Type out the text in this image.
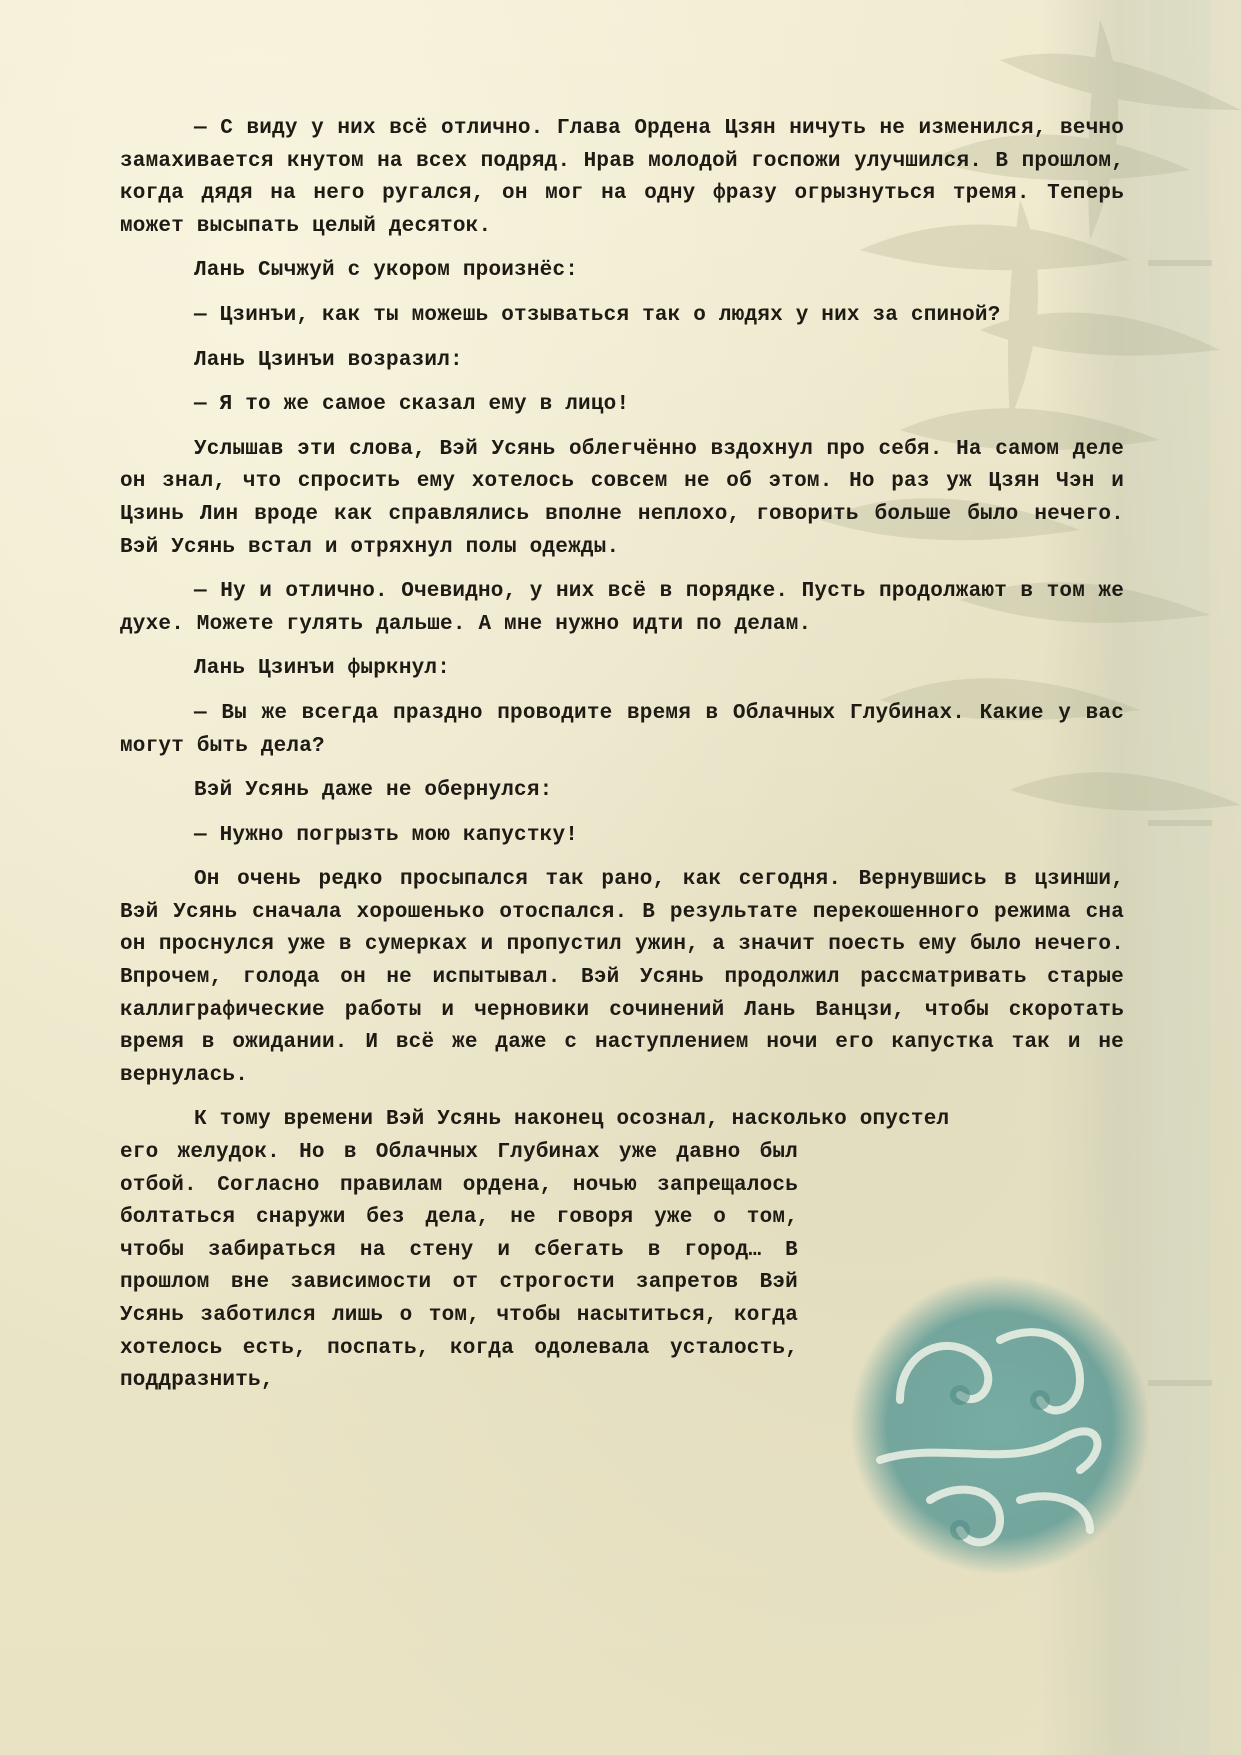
— С виду у них всё отлично. Глава Ордена Цзян ничуть не изменился, вечно замахивается кнутом на всех подряд. Нрав молодой госпожи улучшился. В прошлом, когда дядя на него ругался, он мог на одну фразу огрызнуться тремя. Теперь может высыпать целый десяток.

Лань Сычжуй с укором произнёс:

— Цзинъи, как ты можешь отзываться так о людях у них за спиной?

Лань Цзинъи возразил:

— Я то же самое сказал ему в лицо!

Услышав эти слова, Вэй Усянь облегчённо вздохнул про себя. На самом деле он знал, что спросить ему хотелось совсем не об этом. Но раз уж Цзян Чэн и Цзинь Лин вроде как справлялись вполне неплохо, говорить больше было нечего. Вэй Усянь встал и отряхнул полы одежды.

— Ну и отлично. Очевидно, у них всё в порядке. Пусть продолжают в том же духе. Можете гулять дальше. А мне нужно идти по делам.

Лань Цзинъи фыркнул:

— Вы же всегда праздно проводите время в Облачных Глубинах. Какие у вас могут быть дела?

Вэй Усянь даже не обернулся:

— Нужно погрызть мою капустку!

Он очень редко просыпался так рано, как сегодня. Вернувшись в цзинши, Вэй Усянь сначала хорошенько отоспался. В результате перекошенного режима сна он проснулся уже в сумерках и пропустил ужин, а значит поесть ему было нечего. Впрочем, голода он не испытывал. Вэй Усянь продолжил рассматривать старые каллиграфические работы и черновики сочинений Лань Ванцзи, чтобы скоротать время в ожидании. И всё же даже с наступлением ночи его капустка так и не вернулась.

К тому времени Вэй Усянь наконец осознал, насколько опустел
его желудок. Но в Облачных Глубинах уже давно был отбой. Согласно правилам ордена, ночью запрещалось болтаться снаружи без дела, не говоря уже о том, чтобы забираться на стену и сбегать в город… В прошлом вне зависимости от строгости запретов Вэй Усянь заботился лишь о том, чтобы насытиться, когда хотелось есть, поспать, когда одолевала усталость, поддразнить,
